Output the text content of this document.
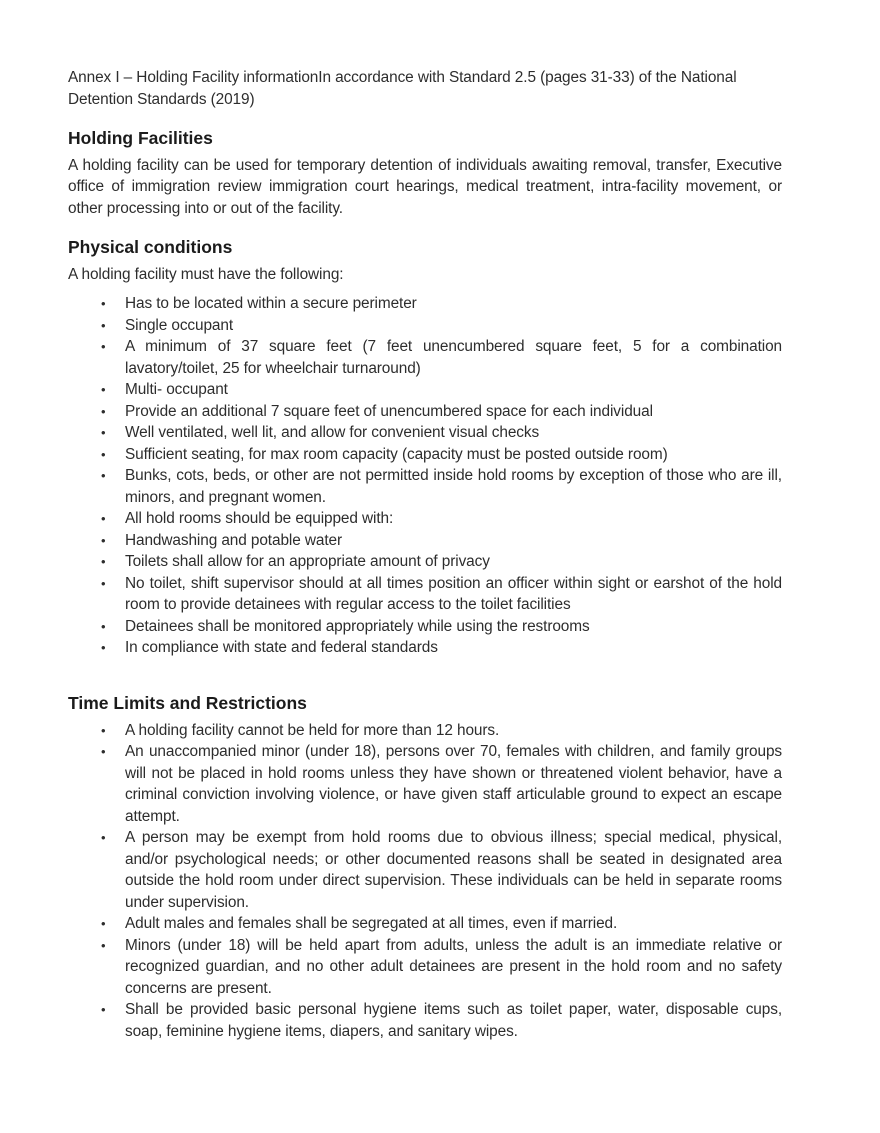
Annex I – Holding Facility informationIn accordance with Standard 2.5 (pages 31-33) of the National Detention Standards (2019)

Holding Facilities

A holding facility can be used for temporary detention of individuals awaiting removal, transfer, Executive office of immigration review immigration court hearings, medical treatment, intra-facility movement, or other processing into or out of the facility.

Physical conditions

A holding facility must have the following:

•	Has to be located within a secure perimeter
•	Single occupant
•	A minimum of 37 square feet (7 feet unencumbered square feet, 5 for a combination lavatory/toilet, 25 for wheelchair turnaround)
•	Multi- occupant
•	Provide an additional 7 square feet of unencumbered space for each individual
•	Well ventilated, well lit, and allow for convenient visual checks
•	Sufficient seating, for max room capacity (capacity must be posted outside room)
•	Bunks, cots, beds, or other are not permitted inside hold rooms by exception of those who are ill, minors, and pregnant women.
•	All hold rooms should be equipped with:
•	Handwashing and potable water
•	Toilets shall allow for an appropriate amount of privacy
•	No toilet, shift supervisor should at all times position an officer within sight or earshot of the hold room to provide detainees with regular access to the toilet facilities
•	Detainees shall be monitored appropriately while using the restrooms
•	In compliance with state and federal standards
Time Limits and Restrictions
•	A holding facility cannot be held for more than 12 hours.
•	An unaccompanied minor (under 18), persons over 70, females with children, and family groups will not be placed in hold rooms unless they have shown or threatened violent behavior, have a criminal conviction involving violence, or have given staff articulable ground to expect an escape attempt.
•	A person may be exempt from hold rooms due to obvious illness; special medical, physical, and/or psychological needs; or other documented reasons shall be seated in designated area outside the hold room under direct supervision. These individuals can be held in separate rooms under supervision.
•	Adult males and females shall be segregated at all times, even if married.
•	Minors (under 18) will be held apart from adults, unless the adult is an immediate relative or recognized guardian, and no other adult detainees are present in the hold room and no safety concerns are present.
•	Shall be provided basic personal hygiene items such as toilet paper, water, disposable cups, soap, feminine hygiene items, diapers, and sanitary wipes.
